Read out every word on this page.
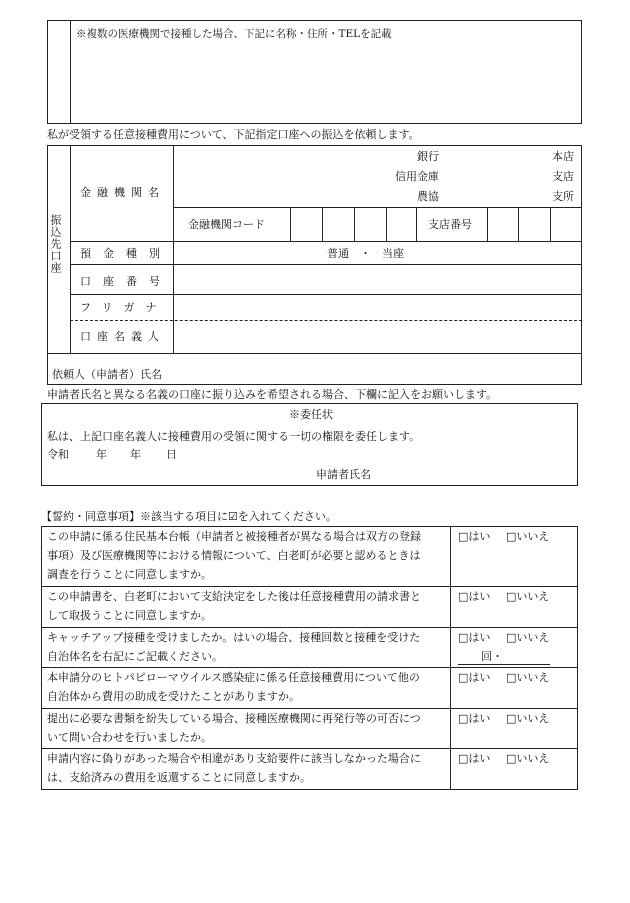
※複数の医療機関で接種した場合、下記に名称・住所・TELを記載
私が受領する任意接種費用について、下記指定口座への振込を依頼します。
振込先口座
金融機関名
銀行
信用金庫
農協
本店
支店
支所
金融機関コード	支店番号
預金種別	普通　・　当座
口座番号
フリガナ
口座名義人
依頼人（申請者）氏名
申請者氏名と異なる名義の口座に振り込みを希望される場合、下欄に記入をお願いします。
※委任状
私は、上記口座名義人に接種費用の受領に関する一切の権限を委任します。
令和 年 年 日
申請者氏名
【誓約・同意事項】※該当する項目に☑を入れてください。
この申請に係る住民基本台帳（申請者と被接種者が異なる場合は双方の登録
事項）及び医療機関等における情報について、白老町が必要と認めるときは
調査を行うことに同意しますか。
□はい □いいえ
この申請書を、白老町において支給決定をした後は任意接種費用の請求書と
して取扱うことに同意しますか。
□はい □いいえ
キャッチアップ接種を受けましたか。はいの場合、接種回数と接種を受けた
自治体名を右記にご記載ください。
□はい □いいえ
回・
本申請分のヒトパピローマウイルス感染症に係る任意接種費用について他の
自治体から費用の助成を受けたことがありますか。
□はい □いいえ
提出に必要な書類を紛失している場合、接種医療機関に再発行等の可否につ
いて問い合わせを行いましたか。
□はい □いいえ
申請内容に偽りがあった場合や相違があり支給要件に該当しなかった場合に
は、支給済みの費用を返還することに同意しますか。
□はい □いいえ
